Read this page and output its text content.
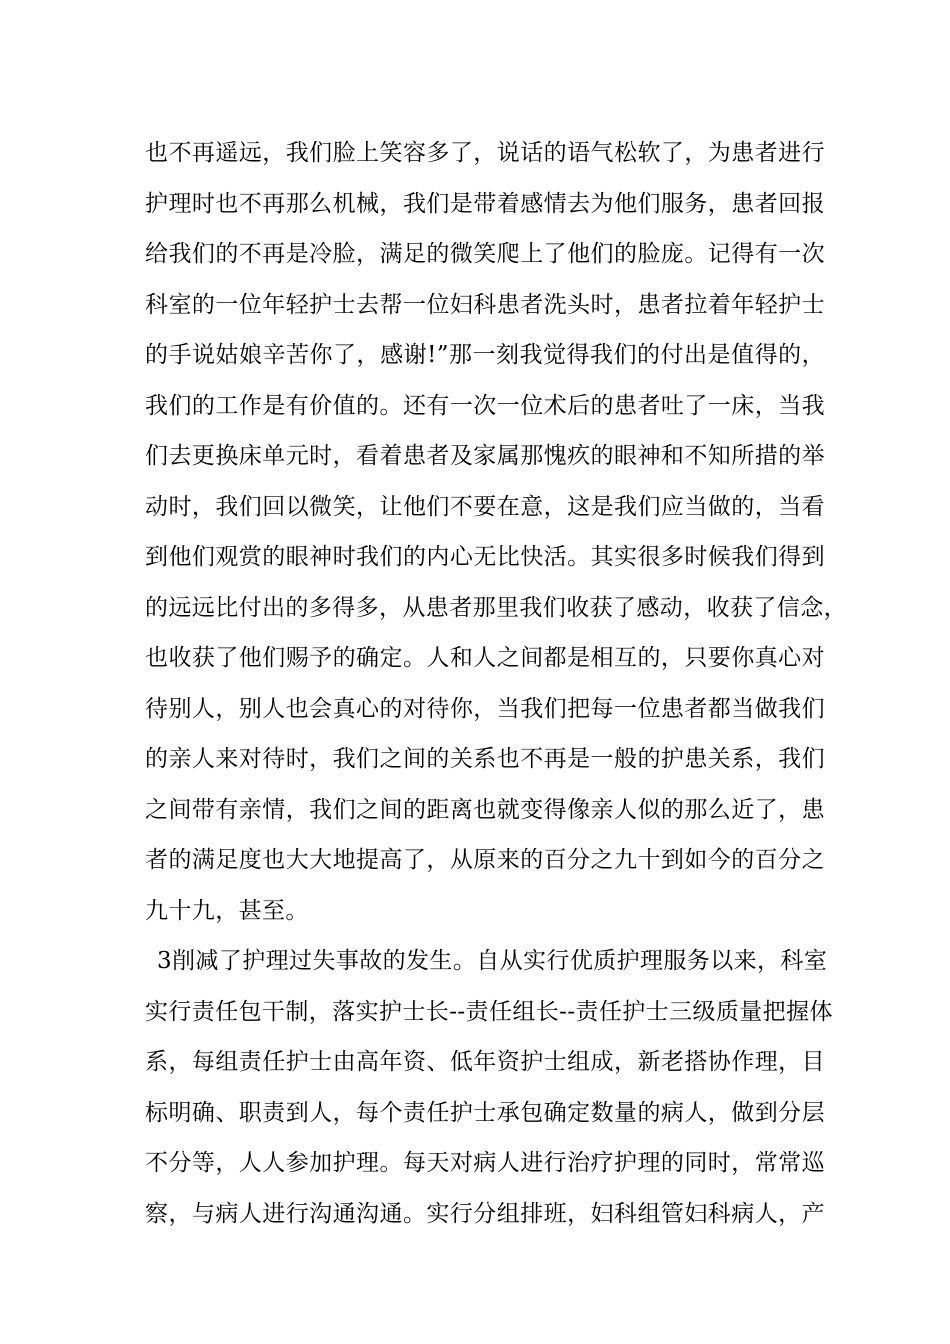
也不再遥远，我们脸上笑容多了，说话的语气松软了，为患者进行
护理时也不再那么机械，我们是带着感情去为他们服务，患者回报
给我们的不再是冷脸，满足的微笑爬上了他们的脸庞。记得有一次
科室的一位年轻护士去帮一位妇科患者洗头时，患者拉着年轻护士
的手说姑娘辛苦你了，感谢!”那一刻我觉得我们的付出是值得的，
我们的工作是有价值的。还有一次一位术后的患者吐了一床，当我
们去更换床单元时，看着患者及家属那愧疚的眼神和不知所措的举
动时，我们回以微笑，让他们不要在意，这是我们应当做的，当看
到他们观赏的眼神时我们的内心无比快活。其实很多时候我们得到
的远远比付出的多得多，从患者那里我们收获了感动，收获了信念，
也收获了他们赐予的确定。人和人之间都是相互的，只要你真心对
待别人，别人也会真心的对待你，当我们把每一位患者都当做我们
的亲人来对待时，我们之间的关系也不再是一般的护患关系，我们
之间带有亲情，我们之间的距离也就变得像亲人似的那么近了，患
者的满足度也大大地提高了，从原来的百分之九十到如今的百分之
九十九，甚至。
3削减了护理过失事故的发生。自从实行优质护理服务以来，科室
实行责任包干制，落实护士长--责任组长--责任护士三级质量把握体
系，每组责任护士由高年资、低年资护士组成，新老搭协作理，目
标明确、职责到人，每个责任护士承包确定数量的病人，做到分层
不分等，人人参加护理。每天对病人进行治疗护理的同时，常常巡
察，与病人进行沟通沟通。实行分组排班，妇科组管妇科病人，产
